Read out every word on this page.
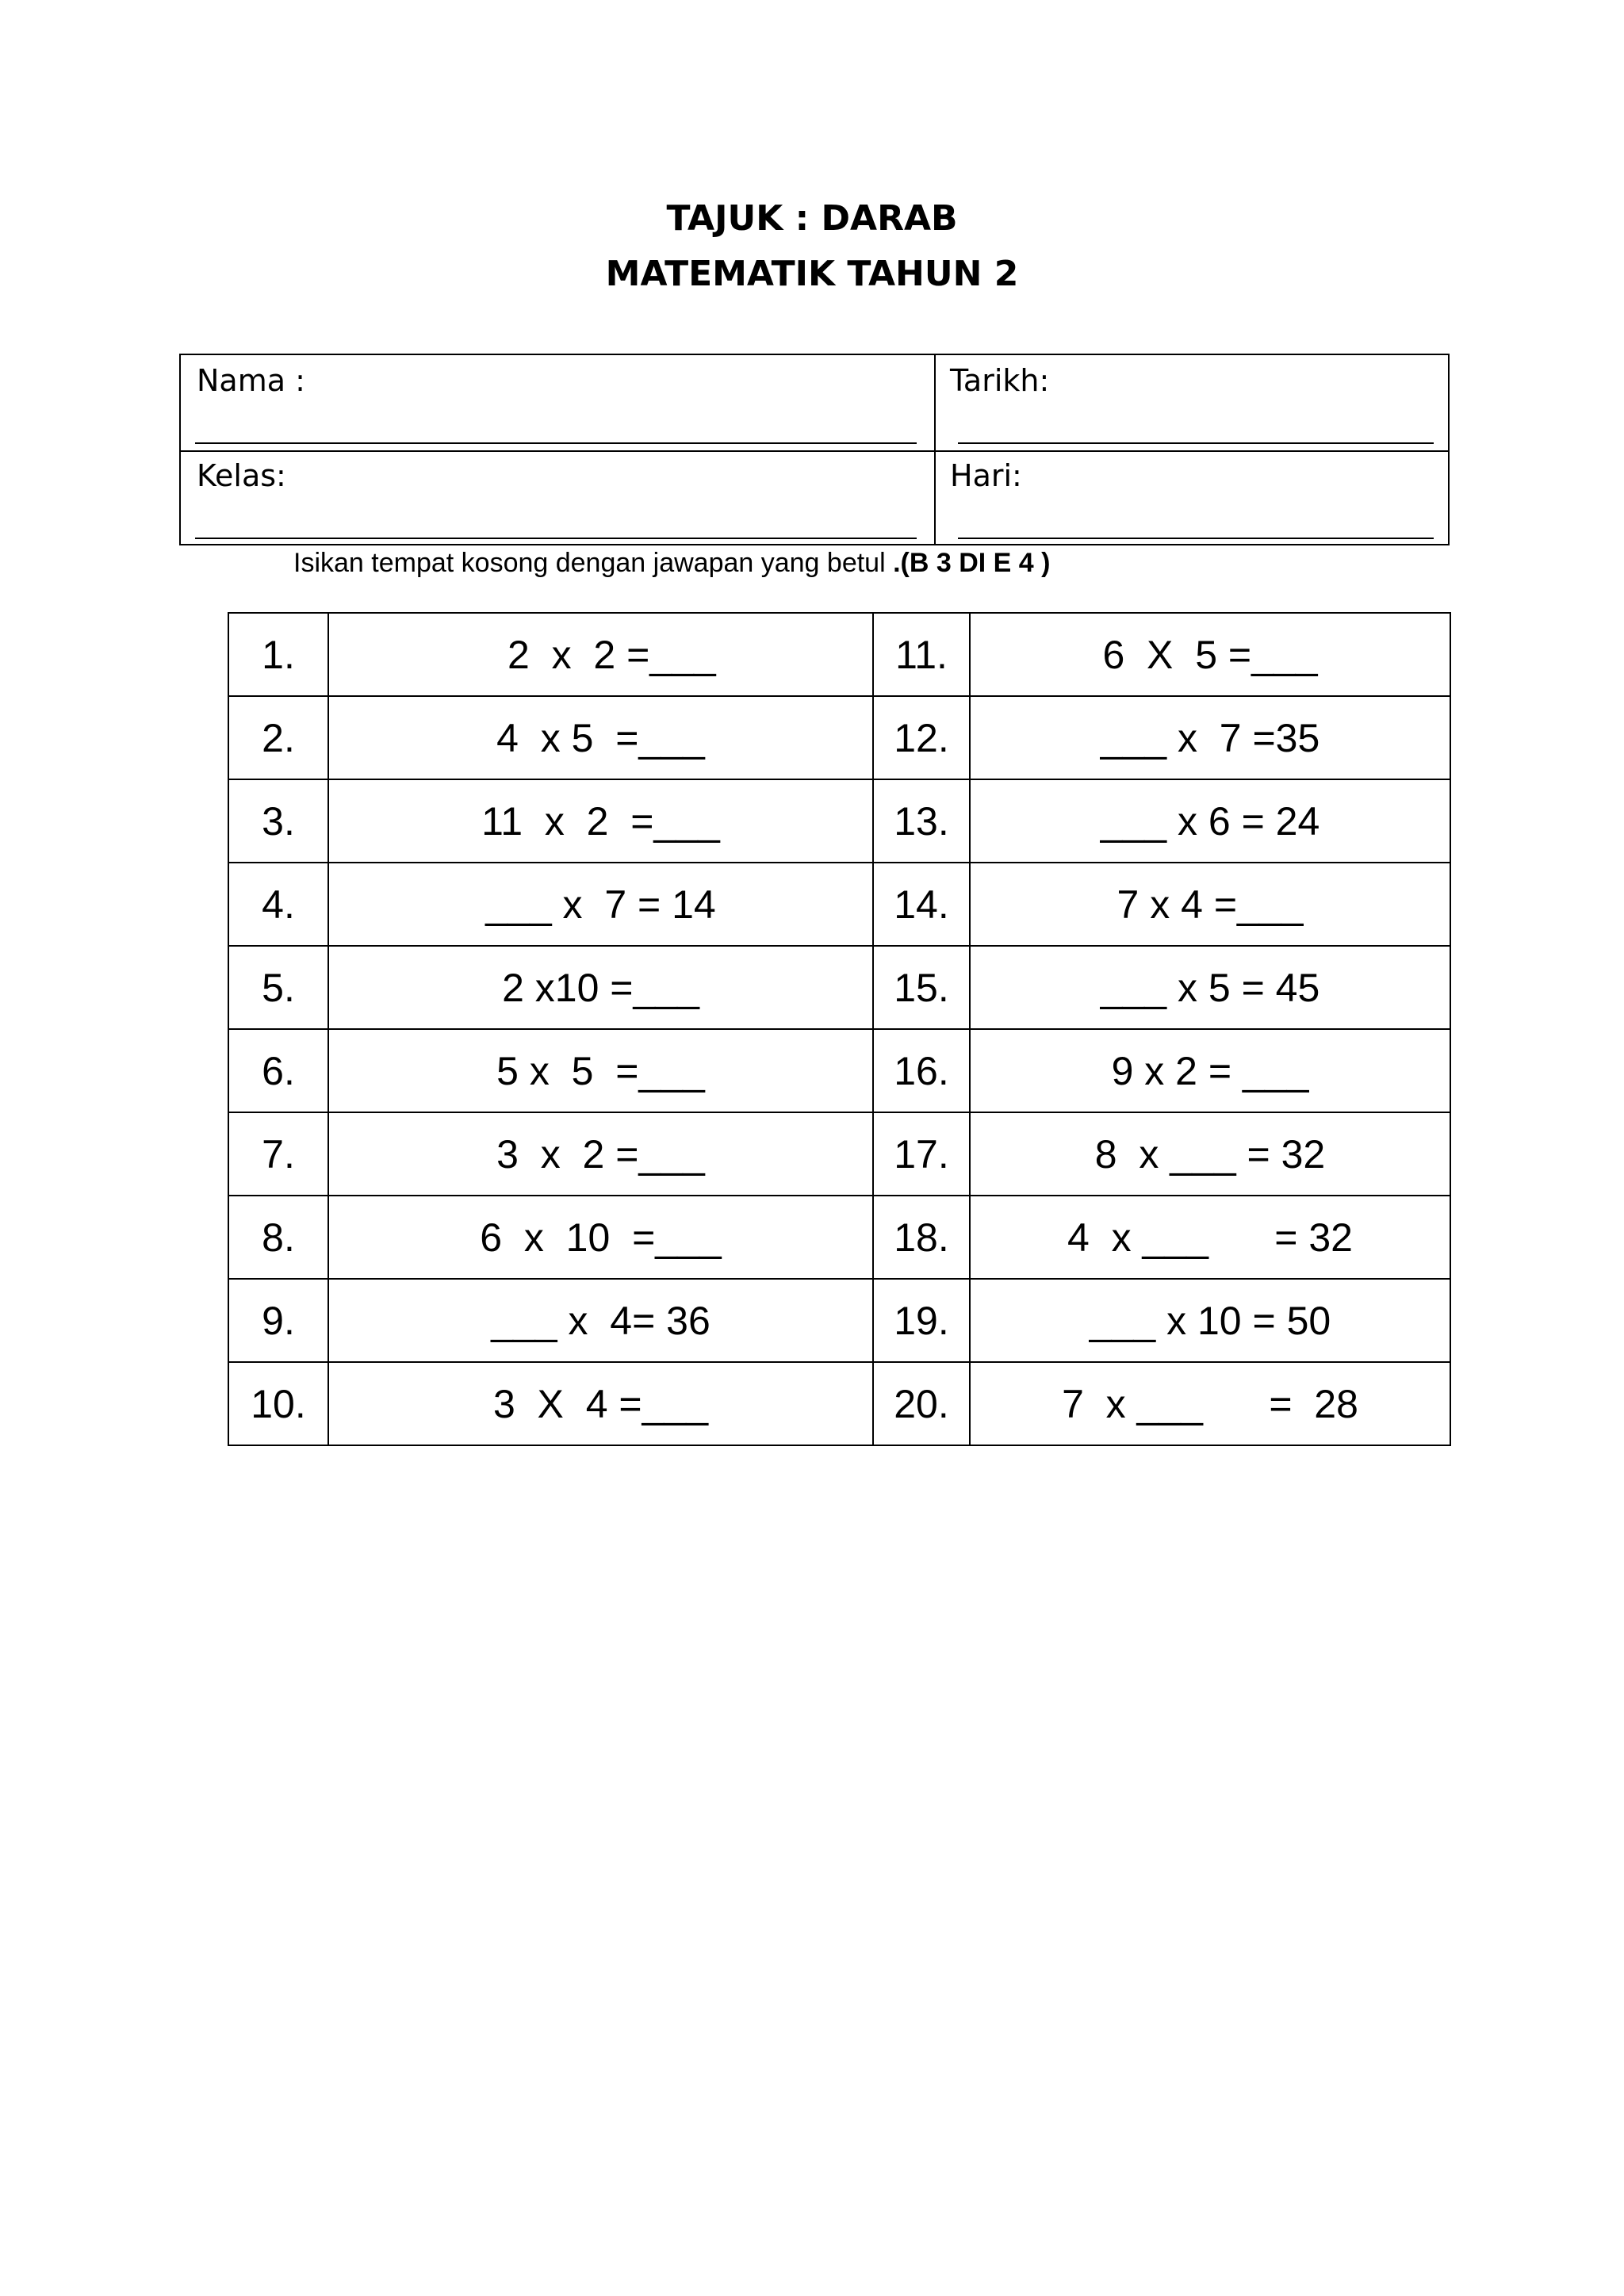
TAJUK : DARAB
MATEMATIK TAHUN 2
Nama :	Tarikh:
Kelas:	Hari:
Isikan tempat kosong dengan jawapan yang betul .(B 3 DI E 4 )
1.	2  x  2 =___	11.	6  X  5 =___
2.	4  x 5  =___	12.	___ x  7 =35
3.	11  x  2  =___	13.	___ x 6 = 24
4.	___ x  7 = 14	14.	7 x 4 =___
5.	2 x10 =___	15.	___ x 5 = 45
6.	5 x  5  =___	16.	9 x 2 = ___
7.	3  x  2 =___	17.	8  x ___ = 32
8.	6  x  10  =___	18.	4  x ___      = 32
9.	___ x  4= 36	19.	___ x 10 = 50
10.	3  X  4 =___	20.	7  x ___      =  28
